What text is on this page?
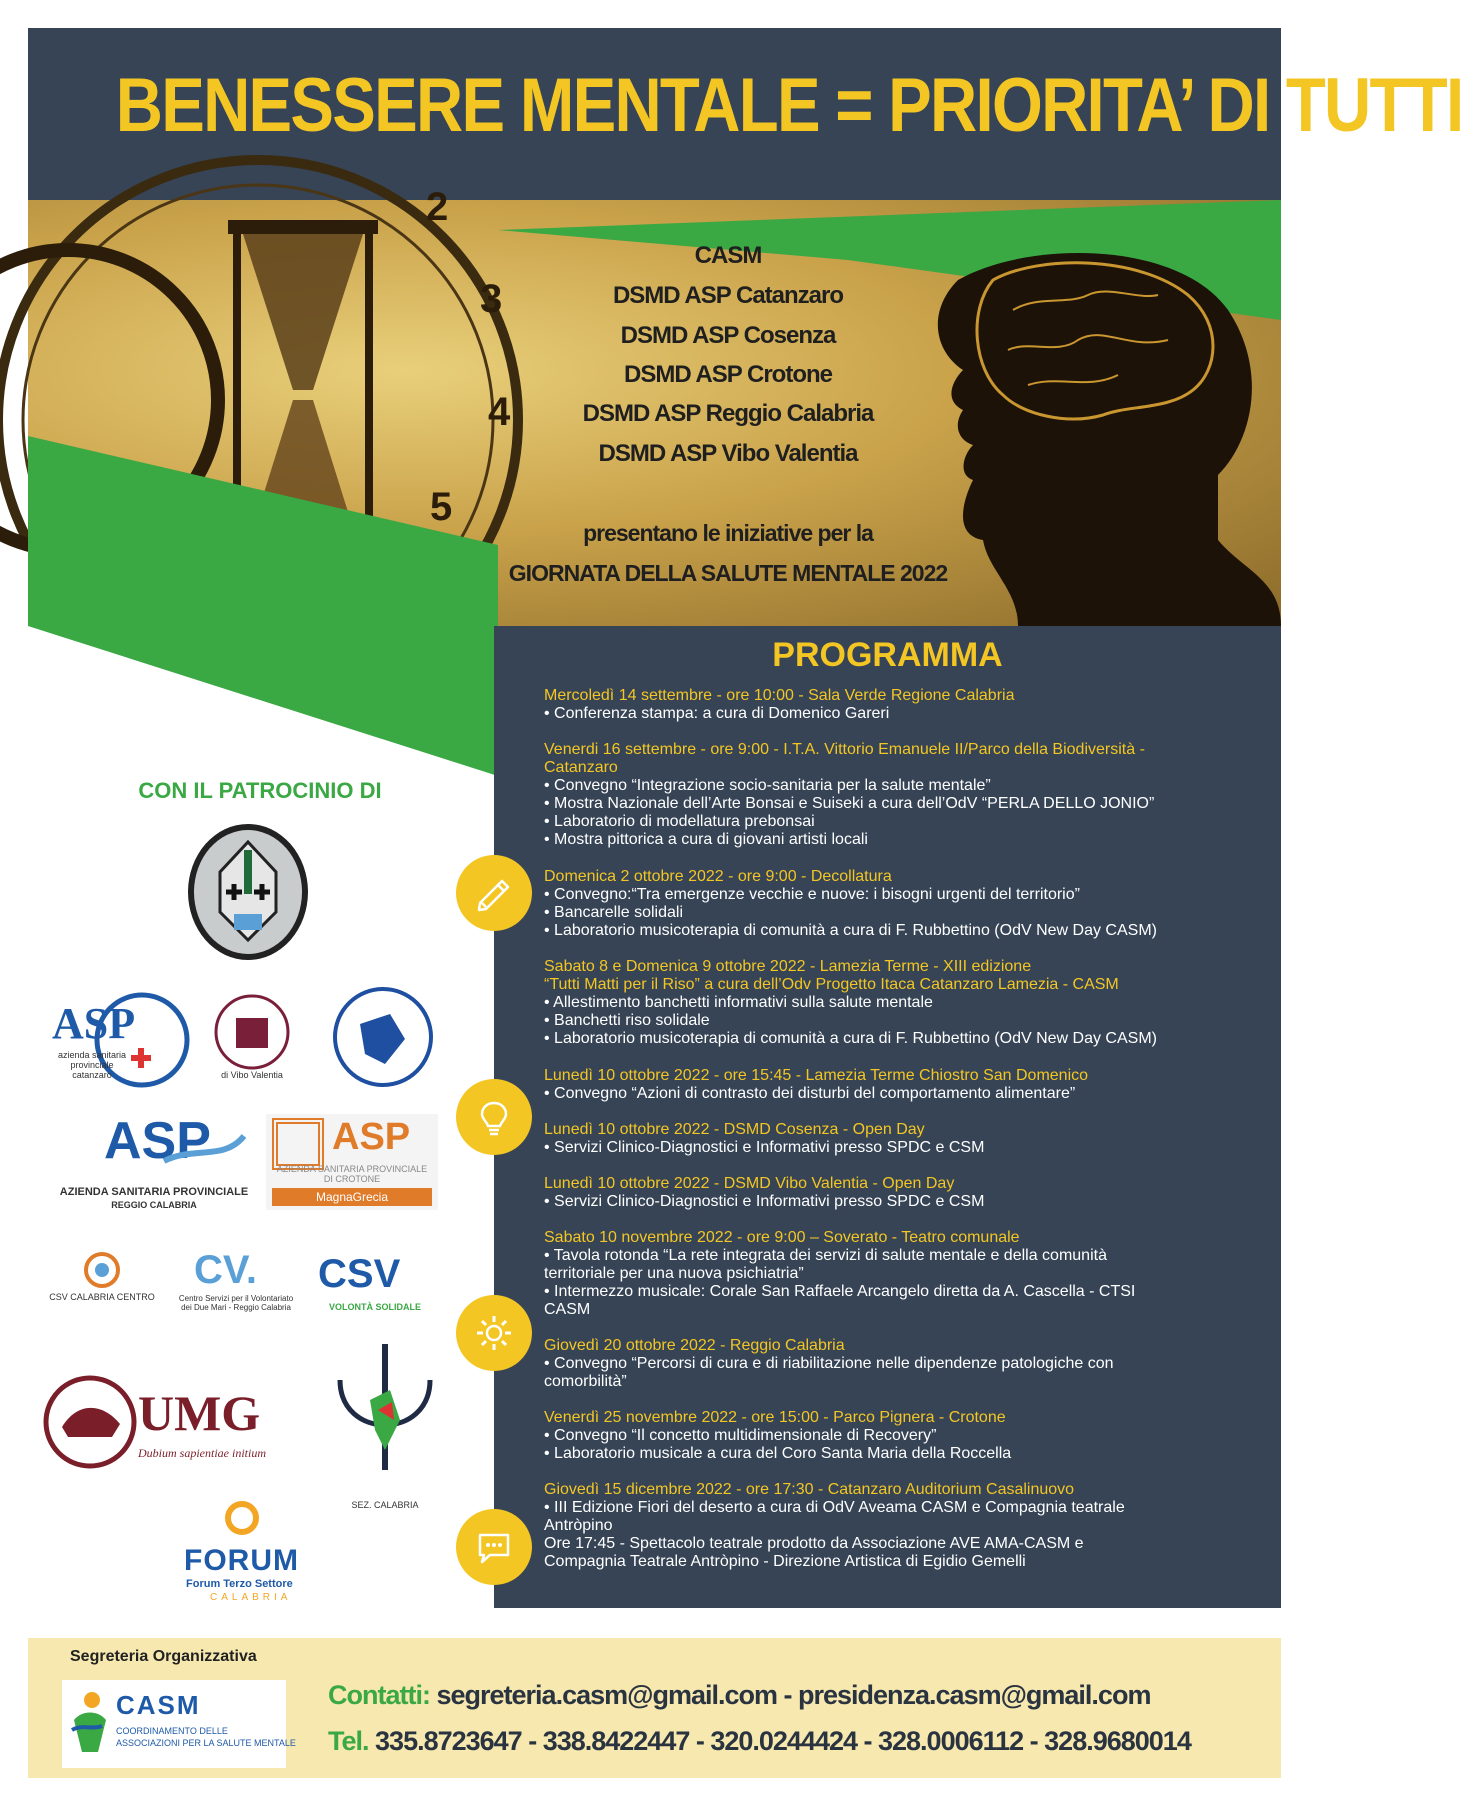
BENESSERE MENTALE = PRIORITA’ DI TUTTI
2
3
4
5
CASM
DSMD ASP Catanzaro
DSMD ASP Cosenza
DSMD ASP Crotone
DSMD ASP Reggio Calabria
DSMD ASP Vibo Valentia
presentano le iniziative per la
GIORNATA DELLA SALUTE MENTALE 2022
PROGRAMMA
Mercoledì 14 settembre - ore 10:00 - Sala Verde Regione Calabria
• Conferenza stampa: a cura di Domenico Gareri
Venerdi 16 settembre - ore 9:00 - I.T.A. Vittorio Emanuele II/Parco della Biodiversità -
Catanzaro
• Convegno “Integrazione socio-sanitaria per la salute mentale”
• Mostra Nazionale dell’Arte Bonsai e Suiseki a cura dell’OdV “PERLA DELLO JONIO”
• Laboratorio di modellatura prebonsai
• Mostra pittorica a cura di giovani artisti locali
Domenica 2 ottobre 2022 - ore 9:00 - Decollatura
• Convegno:“Tra emergenze vecchie e nuove: i bisogni urgenti del territorio”
• Bancarelle solidali
• Laboratorio musicoterapia di comunità a cura di F. Rubbettino (OdV New Day CASM)
Sabato 8 e Domenica 9 ottobre 2022 - Lamezia Terme - XIII edizione
“Tutti Matti per il Riso” a cura dell’Odv Progetto Itaca Catanzaro Lamezia - CASM
• Allestimento banchetti informativi sulla salute mentale
• Banchetti riso solidale
• Laboratorio musicoterapia di comunità a cura di F. Rubbettino (OdV New Day CASM)
Lunedì 10 ottobre 2022 - ore 15:45 - Lamezia Terme Chiostro San Domenico
• Convegno “Azioni di contrasto dei disturbi del comportamento alimentare”
Lunedì 10 ottobre 2022 - DSMD Cosenza - Open Day
• Servizi Clinico-Diagnostici e Informativi presso SPDC e CSM
Lunedì 10 ottobre 2022 - DSMD Vibo Valentia - Open Day
• Servizi Clinico-Diagnostici e Informativi presso SPDC e CSM
Sabato 10 novembre 2022 - ore 9:00 – Soverato - Teatro comunale
• Tavola rotonda “La rete integrata dei servizi di salute mentale e della comunità
territoriale per una nuova psichiatria”
• Intermezzo musicale: Corale San Raffaele Arcangelo diretta da A. Cascella - CTSI
CASM
Giovedì 20 ottobre 2022 - Reggio Calabria
• Convegno “Percorsi di cura e di riabilitazione nelle dipendenze patologiche con
comorbilità”
Venerdì 25 novembre 2022 - ore 15:00 - Parco Pignera - Crotone
• Convegno “Il concetto multidimensionale di Recovery”
• Laboratorio musicale a cura del Coro Santa Maria della Roccella
Giovedì 15 dicembre 2022 - ore 17:30 - Catanzaro Auditorium Casalinuovo
• III Edizione Fiori del deserto a cura di OdV Aveama CASM e Compagnia teatrale
Antròpino
Ore 17:45 - Spettacolo teatrale prodotto da Associazione AVE AMA-CASM e
Compagnia Teatrale Antròpino - Direzione Artistica di Egidio Gemelli
CON IL PATROCINIO DI
ASP
azienda sanitaria provinciale catanzaro	di Vibo Valentia
ASP
AZIENDA SANITARIA PROVINCIALE
REGGIO CALABRIA
ASP
AZIENDA SANITARIA PROVINCIALE DI CROTONE
MagnaGrecia
CSV CALABRIA CENTRO
CV.
Centro Servizi per il Volontariato dei Due Mari - Reggio Calabria
CSV
VOLONTÀ SOLIDALE
UMG
Dubium sapientiae initium
SEZ. CALABRIA
FORUM
Forum Terzo Settore
CALABRIA
Segreteria Organizzativa
CASM
COORDINAMENTO DELLE
ASSOCIAZIONI PER LA SALUTE MENTALE
Contatti: segreteria.casm@gmail.com - presidenza.casm@gmail.com
Tel. 335.8723647 - 338.8422447 - 320.0244424 - 328.0006112 - 328.9680014
